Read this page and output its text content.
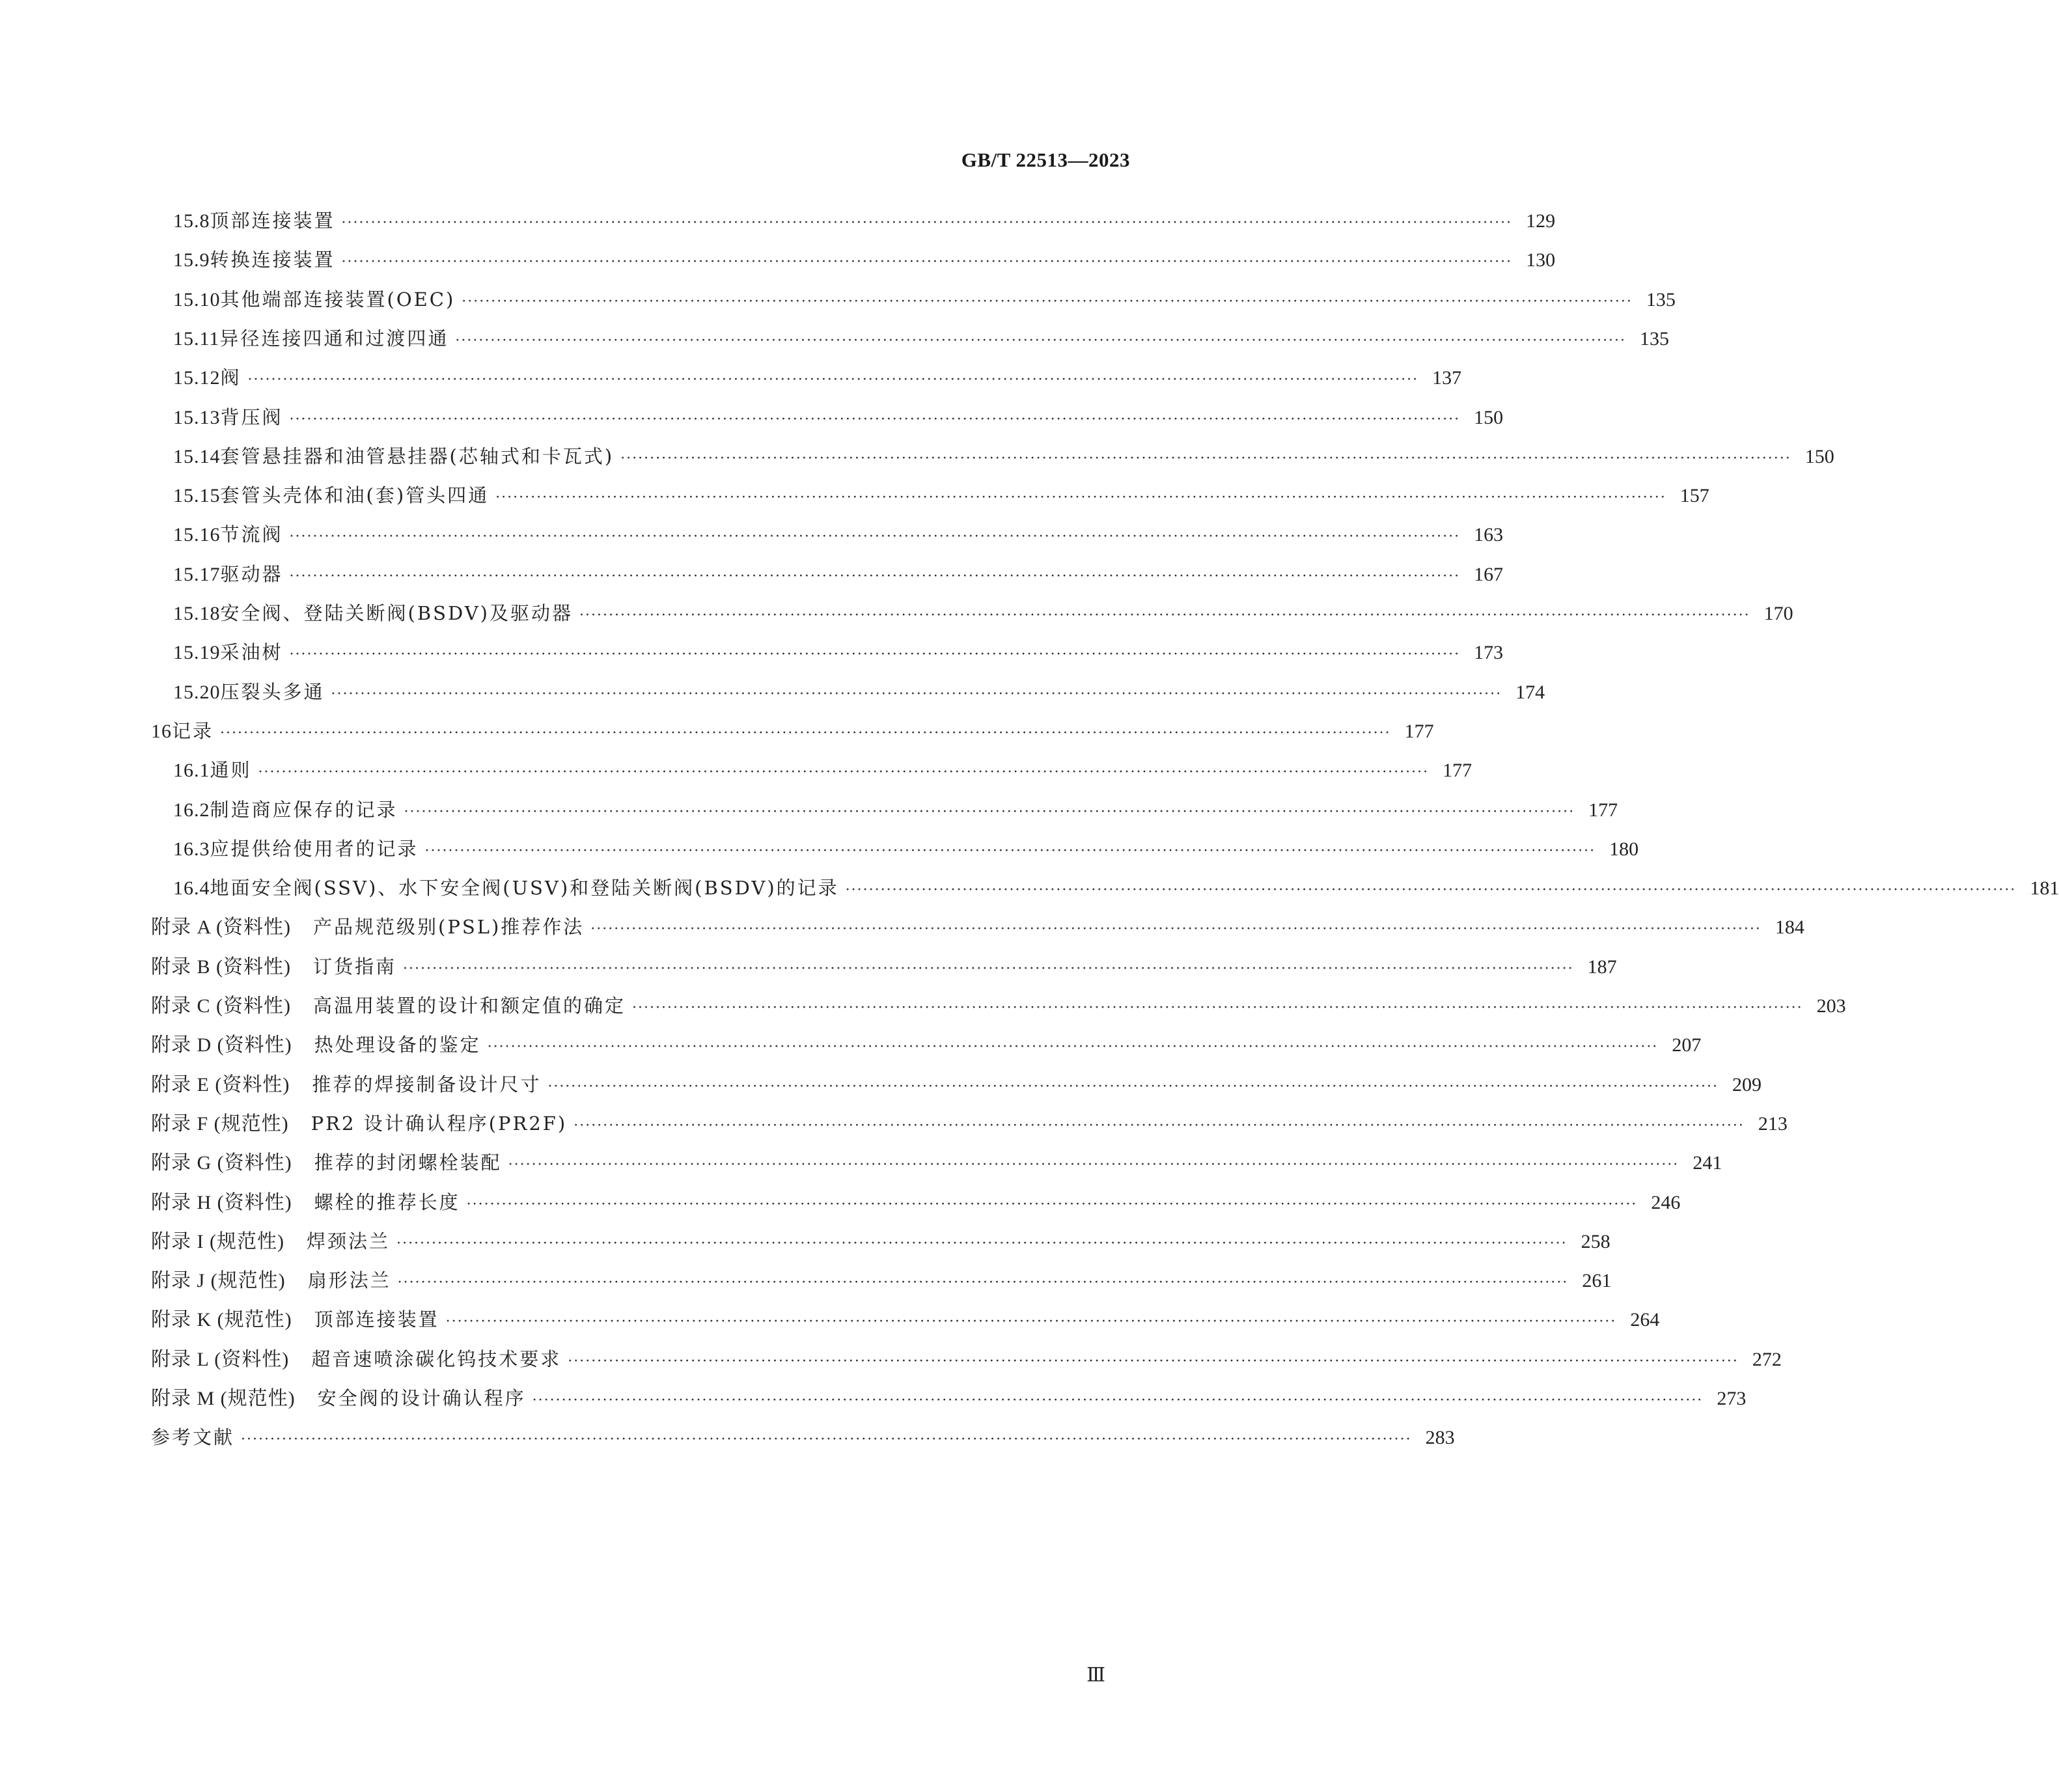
GB/T 22513—2023
15.8 顶部连接装置 ········································································································································································································ 129
15.9 转换连接装置 ········································································································································································································ 130
15.10 其他端部连接装置(OEC) ········································································································································································································ 135
15.11 异径连接四通和过渡四通 ········································································································································································································ 135
15.12 阀 ········································································································································································································ 137
15.13 背压阀 ········································································································································································································ 150
15.14 套管悬挂器和油管悬挂器(芯轴式和卡瓦式) ········································································································································································································ 150
15.15 套管头壳体和油(套)管头四通 ········································································································································································································ 157
15.16 节流阀 ········································································································································································································ 163
15.17 驱动器 ········································································································································································································ 167
15.18 安全阀、登陆关断阀(BSDV)及驱动器 ········································································································································································································ 170
15.19 采油树 ········································································································································································································ 173
15.20 压裂头多通 ········································································································································································································ 174
16 记录 ········································································································································································································ 177
16.1 通则 ········································································································································································································ 177
16.2 制造商应保存的记录 ········································································································································································································ 177
16.3 应提供给使用者的记录 ········································································································································································································ 180
16.4 地面安全阀(SSV)、水下安全阀(USV)和登陆关断阀(BSDV)的记录 ········································································································································································································ 181
附录 A (资料性) 产品规范级别(PSL)推荐作法 ········································································································································································································ 184
附录 B (资料性) 订货指南 ········································································································································································································ 187
附录 C (资料性) 高温用装置的设计和额定值的确定 ········································································································································································································ 203
附录 D (资料性) 热处理设备的鉴定 ········································································································································································································ 207
附录 E (资料性) 推荐的焊接制备设计尺寸 ········································································································································································································ 209
附录 F (规范性) PR2 设计确认程序(PR2F) ········································································································································································································ 213
附录 G (资料性) 推荐的封闭螺栓装配 ········································································································································································································ 241
附录 H (资料性) 螺栓的推荐长度 ········································································································································································································ 246
附录 I (规范性) 焊颈法兰 ········································································································································································································ 258
附录 J (规范性) 扇形法兰 ········································································································································································································ 261
附录 K (规范性) 顶部连接装置 ········································································································································································································ 264
附录 L (资料性) 超音速喷涂碳化钨技术要求 ········································································································································································································ 272
附录 M (规范性) 安全阀的设计确认程序 ········································································································································································································ 273
参考文献 ········································································································································································································ 283
Ⅲ
